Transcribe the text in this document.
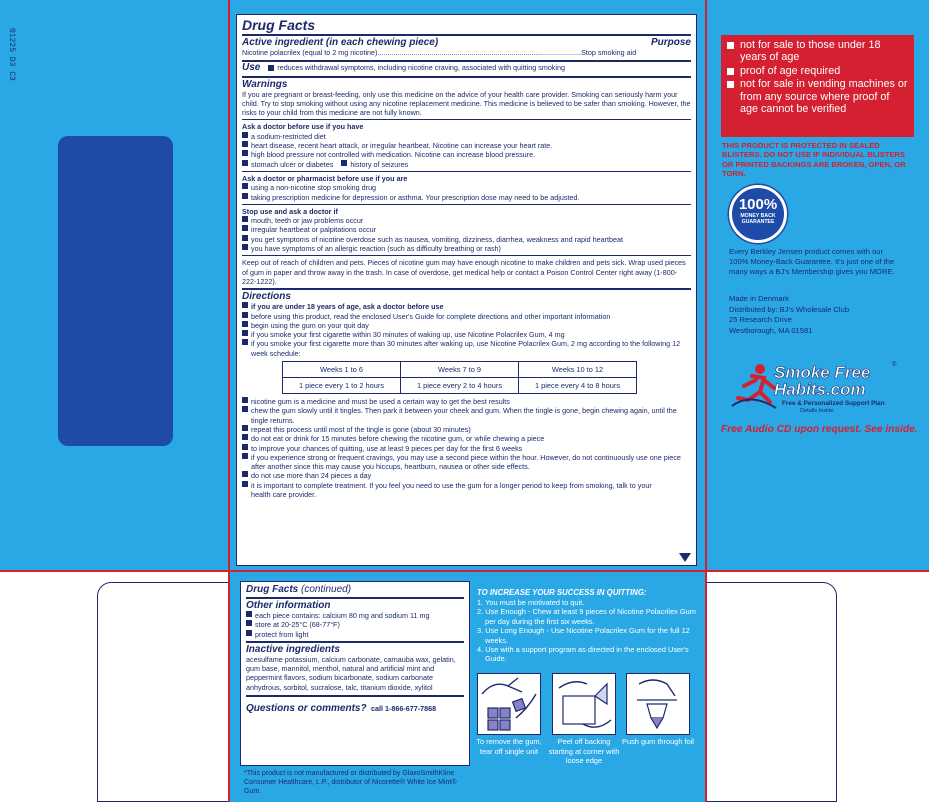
01225 D3 C3
Drug Facts
Active ingredient (in each chewing piece)	Purpose
Nicotine polacrilex (equal to 2 mg nicotine)......................................................................................................Stop smoking aid
Use reduces withdrawal symptoms, including nicotine craving, associated with quitting smoking
Warnings
If you are pregnant or breast-feeding, only use this medicine on the advice of your health care provider. Smoking can seriously harm your child. Try to stop smoking without using any nicotine replacement medicine. This medicine is believed to be safer than smoking. However, the risks to your child from this medicine are not fully known.
Ask a doctor before use if you have
a sodium-restricted diet
heart disease, recent heart attack, or irregular heartbeat. Nicotine can increase your heart rate.
high blood pressure not controlled with medication. Nicotine can increase blood pressure.
stomach ulcer or diabetes history of seizures
Ask a doctor or pharmacist before use if you are
using a non-nicotine stop smoking drug
taking prescription medicine for depression or asthma. Your prescription dose may need to be adjusted.
Stop use and ask a doctor if
mouth, teeth or jaw problems occur
irregular heartbeat or palpitations occur
you get symptoms of nicotine overdose such as nausea, vomiting, dizziness, diarrhea, weakness and rapid heartbeat
you have symptoms of an allergic reaction (such as difficulty breathing or rash)
Keep out of reach of children and pets. Pieces of nicotine gum may have enough nicotine to make children and pets sick. Wrap used pieces of gum in paper and throw away in the trash. In case of overdose, get medical help or contact a Poison Control Center right away (1-800-222-1222).
Directions
if you are under 18 years of age, ask a doctor before use
before using this product, read the enclosed User's Guide for complete directions and other important information
begin using the gum on your quit day
if you smoke your first cigarette within 30 minutes of waking up, use Nicotine Polacrilex Gum, 4 mg
if you smoke your first cigarette more than 30 minutes after waking up, use Nicotine Polacrilex Gum, 2 mg according to the following 12 week schedule:
Weeks 1 to 6	Weeks 7 to 9	Weeks 10 to 12
1 piece every 1 to 2 hours	1 piece every 2 to 4 hours	1 piece every 4 to 8 hours
nicotine gum is a medicine and must be used a certain way to get the best results
chew the gum slowly until it tingles. Then park it between your cheek and gum. When the tingle is gone, begin chewing again, until the tingle returns.
repeat this process until most of the tingle is gone (about 30 minutes)
do not eat or drink for 15 minutes before chewing the nicotine gum, or while chewing a piece
to improve your chances of quitting, use at least 9 pieces per day for the first 6 weeks
if you experience strong or frequent cravings, you may use a second piece within the hour. However, do not continuously use one piece after another since this may cause you hiccups, heartburn, nausea or other side effects.
do not use more than 24 pieces a day
it is important to complete treatment. If you feel you need to use the gum for a longer period to keep from smoking, talk to your health care provider.
not for sale to those under 18 years of age
proof of age required
not for sale in vending machines or from any source where proof of age cannot be verified
THIS PRODUCT IS PROTECTED IN SEALED BLISTERS. DO NOT USE IF INDIVIDUAL BLISTERS OR PRINTED BACKINGS ARE BROKEN, OPEN, OR TORN.
100%
MONEY BACK GUARANTEE
Every Berkley Jensen product comes with our 100% Money-Back Guarantee. It's just one of the many ways a BJ's Membership gives you MORE.
Made in Denmark
Distributed by: BJ's Wholesale Club
25 Research Drive
Westborough, MA 01581
Smoke Free
Habits.com
®
Free & Personalized Support Plan
Details Inside
Free Audio CD upon request. See inside.
Drug Facts (continued)
Other information
each piece contains: calcium 80 mg and sodium 11 mg
store at 20-25°C (68-77°F)
protect from light
Inactive ingredients
acesulfame potassium, calcium carbonate, carnauba wax, gelatin, gum base, mannitol, menthol, natural and artificial mint and peppermint flavors, sodium bicarbonate, sodium carbonate anhydrous, sorbitol, sucralose, talc, titanium dioxide, xylitol
Questions or comments? call 1-866-677-7868
*This product is not manufactured or distributed by GlaxoSmithKline Consumer Healthcare, L.P., distributor of Nicorette® White Ice Mint® Gum.
TO INCREASE YOUR SUCCESS IN QUITTING:
1. You must be motivated to quit.
2. Use Enough - Chew at least 9 pieces of Nicotine Polacrilex Gum per day during the first six weeks.
3. Use Long Enough - Use Nicotine Polacrilex Gum for the full 12 weeks.
4. Use with a support program as directed in the enclosed User's Guide.
To remove the gum, tear off single unit
Peel off backing starting at corner with loose edge
Push gum through foil
